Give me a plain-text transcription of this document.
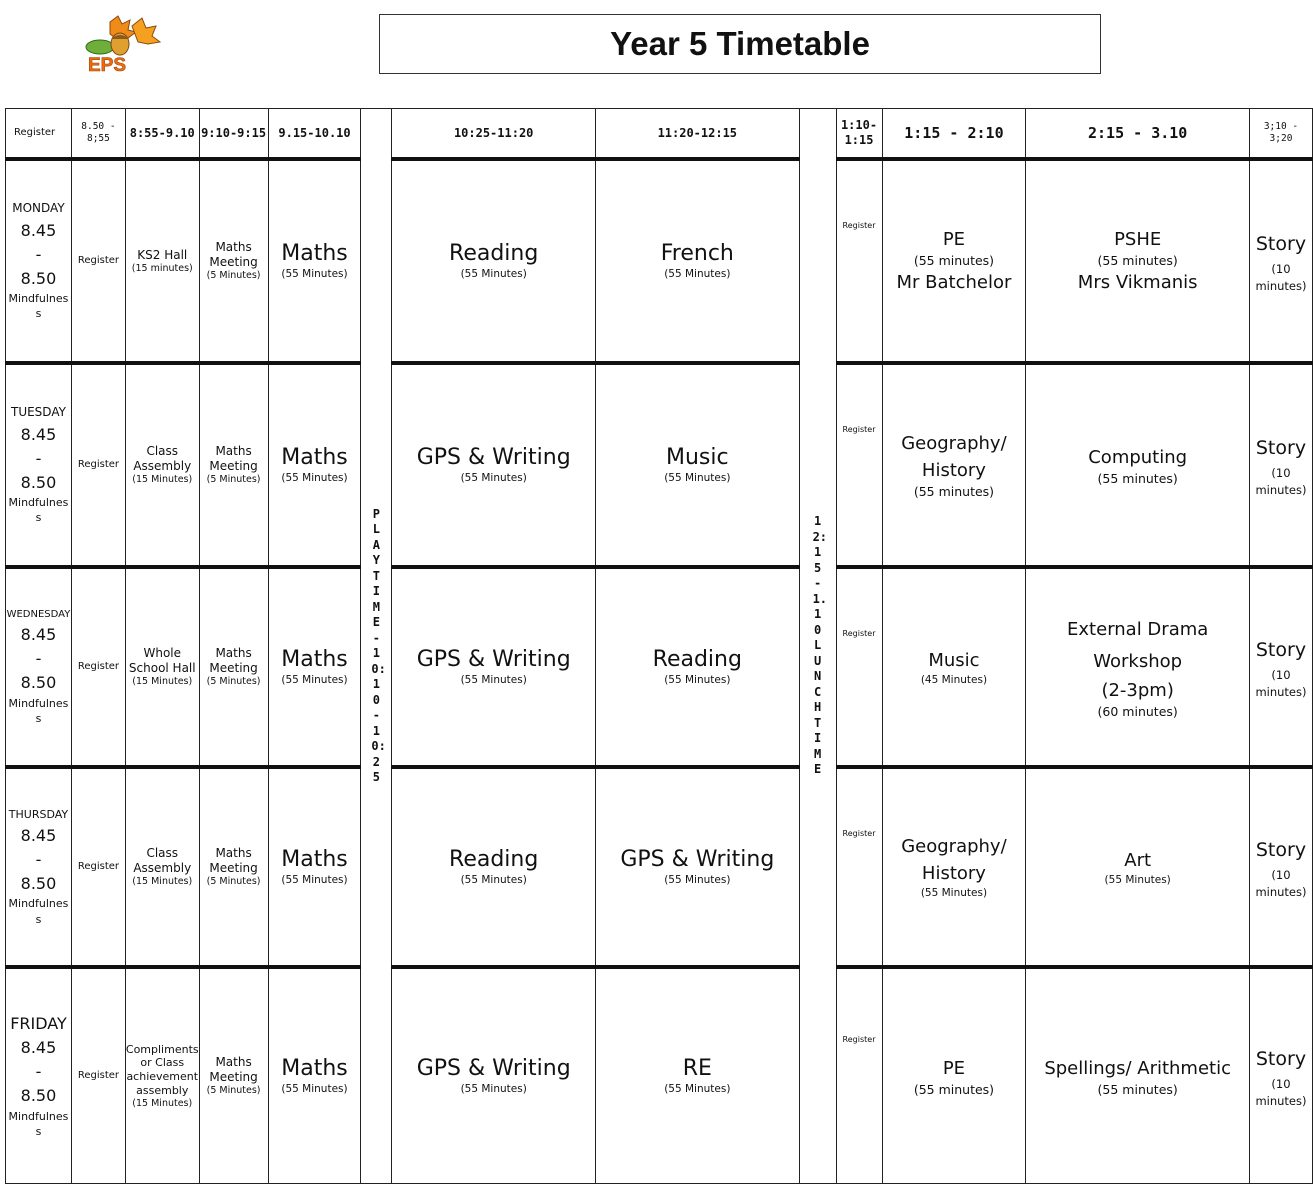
EPS
Year 5 Timetable
Register	8.50 - 8;55	8:55-9.10	9:10-9:15	9.15-10.10	PLAYTIME-10:10-10:25	10:25-11:20	11:20-12:15	12:15-1.10 LUNCHTIME	1:10-1:15	1:15 - 2:10	2:15 - 3.10	3;10 - 3;20

MONDAY
8.45
-
8.50
Mindfulness	Register	KS2 Hall
(15 minutes)	Maths Meeting
(5 Minutes)	Maths
(55 Minutes)		Reading
(55 Minutes)	French
(55 Minutes)		Register	PE
(55 minutes)
Mr Batchelor	PSHE
(55 minutes)
Mrs Vikmanis	Story
(10 minutes)

TUESDAY
8.45
-
8.50
Mindfulness	Register	Class Assembly
(15 Minutes)	Maths Meeting
(5 Minutes)	Maths
(55 Minutes)		GPS & Writing
(55 Minutes)	Music
(55 Minutes)		Register	Geography/ History
(55 minutes)	Computing
(55 minutes)	Story
(10 minutes)

WEDNESDAY
8.45
-
8.50
Mindfulness	Register	Whole School Hall
(15 Minutes)	Maths Meeting
(5 Minutes)	Maths
(55 Minutes)		GPS & Writing
(55 Minutes)	Reading
(55 Minutes)		Register	Music
(45 Minutes)	External Drama Workshop
(2-3pm)
(60 minutes)	Story
(10 minutes)

THURSDAY
8.45
-
8.50
Mindfulness	Register	Class Assembly
(15 Minutes)	Maths Meeting
(5 Minutes)	Maths
(55 Minutes)		Reading
(55 Minutes)	GPS & Writing
(55 Minutes)		Register	Geography/ History
(55 Minutes)	Art
(55 Minutes)	Story
(10 minutes)

FRIDAY
8.45
-
8.50
Mindfulness	Register	Compliments or Class achievement assembly
(15 Minutes)	Maths Meeting
(5 Minutes)	Maths
(55 Minutes)		GPS & Writing
(55 Minutes)	RE
(55 Minutes)		Register	PE
(55 minutes)	Spellings/ Arithmetic
(55 minutes)	Story
(10 minutes)
